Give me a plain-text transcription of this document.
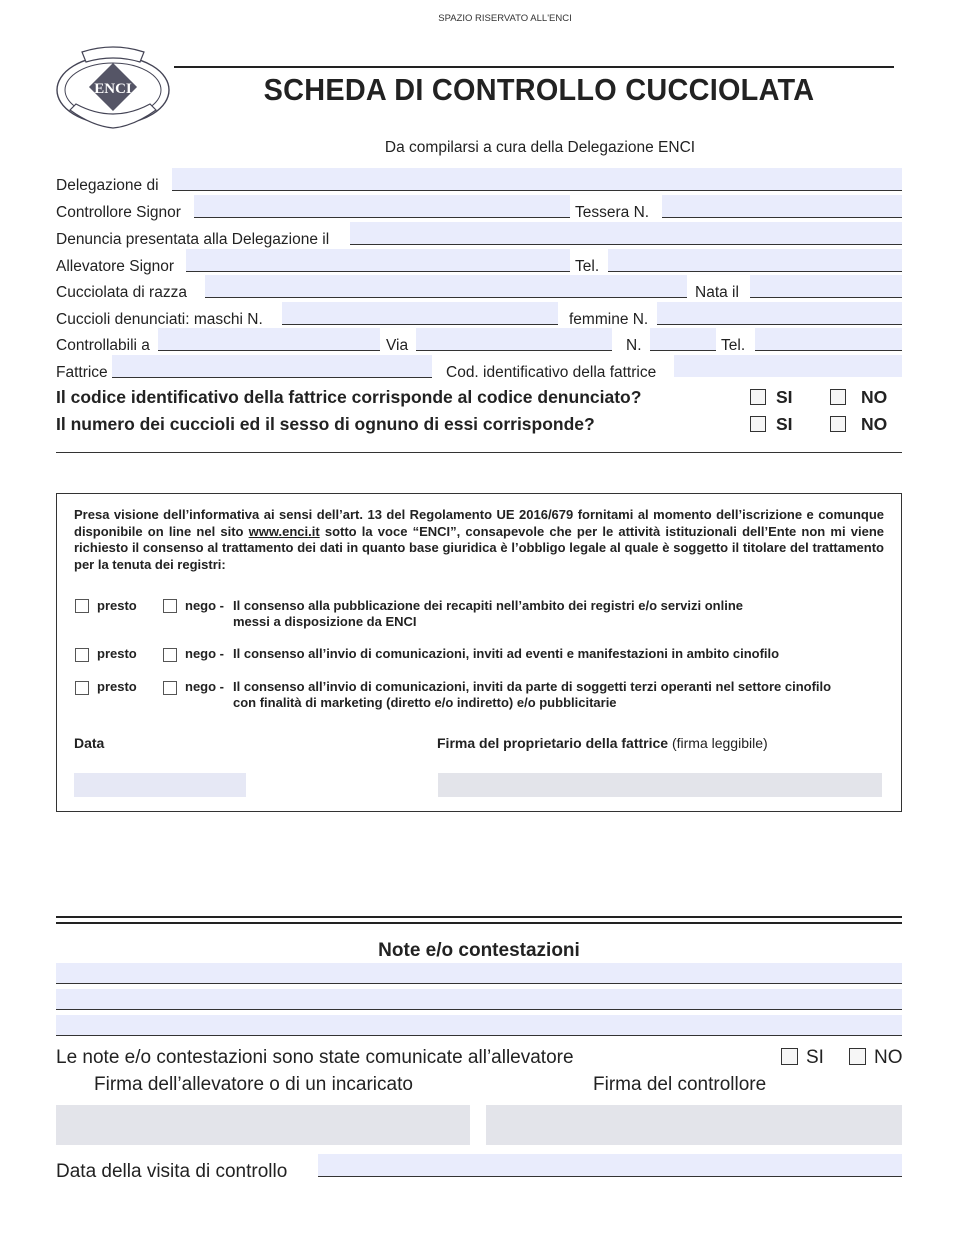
SPAZIO RISERVATO ALL'ENCI
ENCI	SCHEDA DI CONTROLLO CUCCIOLATA
Da compilarsi a cura della Delegazione ENCI
Delegazione di
Controllore Signor	Tessera N.
Denuncia presentata alla Delegazione il
Allevatore Signor	Tel.
Cucciolata di razza	Nata il
Cuccioli denunciati: maschi N.	femmine N.
Controllabili a	Via	N.	Tel.
Fattrice	Cod. identificativo della fattrice
Il codice identificativo della fattrice corrisponde al codice denunciato?	SI	NO
Il numero dei cuccioli ed il sesso di ognuno di essi corrisponde?	SI	NO
Presa visione dell’informativa ai sensi dell’art. 13 del Regolamento UE 2016/679 fornitami al momento dell’iscrizione e comunque disponibile on line nel sito www.enci.it sotto la voce “ENCI”, consapevole che per le attività istituzionali dell’Ente non mi viene richiesto il consenso al trattamento dei dati in quanto base giuridica è l’obbligo legale al quale è soggetto il titolare del trattamento per la tenuta dei registri:
presto	nego - Il consenso alla pubblicazione dei recapiti nell’ambito dei registri e/o servizi online
messi a disposizione da ENCI
presto	nego - Il consenso all’invio di comunicazioni, inviti ad eventi e manifestazioni in ambito cinofilo
presto	nego - Il consenso all’invio di comunicazioni, inviti da parte di soggetti terzi operanti nel settore cinofilo
con finalità di marketing (diretto e/o indiretto) e/o pubblicitarie
Data	Firma del proprietario della fattrice (firma leggibile)
Note e/o contestazioni
Le note e/o contestazioni sono state comunicate all’allevatore	SI	NO
Firma dell’allevatore o di un incaricato	Firma del controllore
Data della visita di controllo
